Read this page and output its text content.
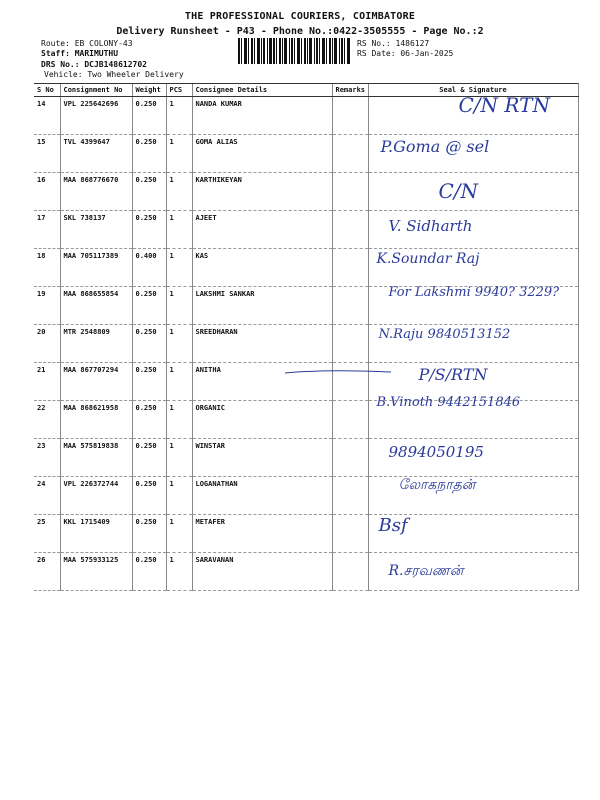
THE PROFESSIONAL COURIERS, COIMBATORE
Delivery Runsheet - P43 - Phone No.:0422-3505555 - Page No.:2
Route: EB COLONY-43
Staff: MARIMUTHU
DRS No.: DCJB148612702
Vehicle: Two Wheeler Delivery
RS No.: 1486127
RS Date: 06-Jan-2025
S No	Consignment No	Weight	PCS	Consignee Details	Remarks	Seal & Signature
14	VPL 225642696	0.250	1	NANDA KUMAR		C/N RTN

15	TVL 4399647	0.250	1	GOMA ALIAS		P.Goma @ sel

16	MAA 868776670	0.250	1	KARTHIKEYAN		C/N

17	SKL 738137	0.250	1	AJEET		V. Sidharth

18	MAA 705117389	0.400	1	KAS		K.Soundar Raj

19	MAA 868655854	0.250	1	LAKSHMI SANKAR		For Lakshmi 9940? 3229?

20	MTR 2548809	0.250	1	SREEDHARAN		N.Raju 9840513152

21	MAA 867707294	0.250	1	ANITHA		P/S/RTN

22	MAA 868621958	0.250	1	ORGANIC		B.Vinoth 9442151846

23	MAA 575819838	0.250	1	WINSTAR		9894050195

24	VPL 226372744	0.250	1	LOGANATHAN		லோகநாதன்

25	KKL 1715409	0.250	1	METAFER		Bsf

26	MAA 575933125	0.250	1	SARAVANAN		R.சரவணன்
